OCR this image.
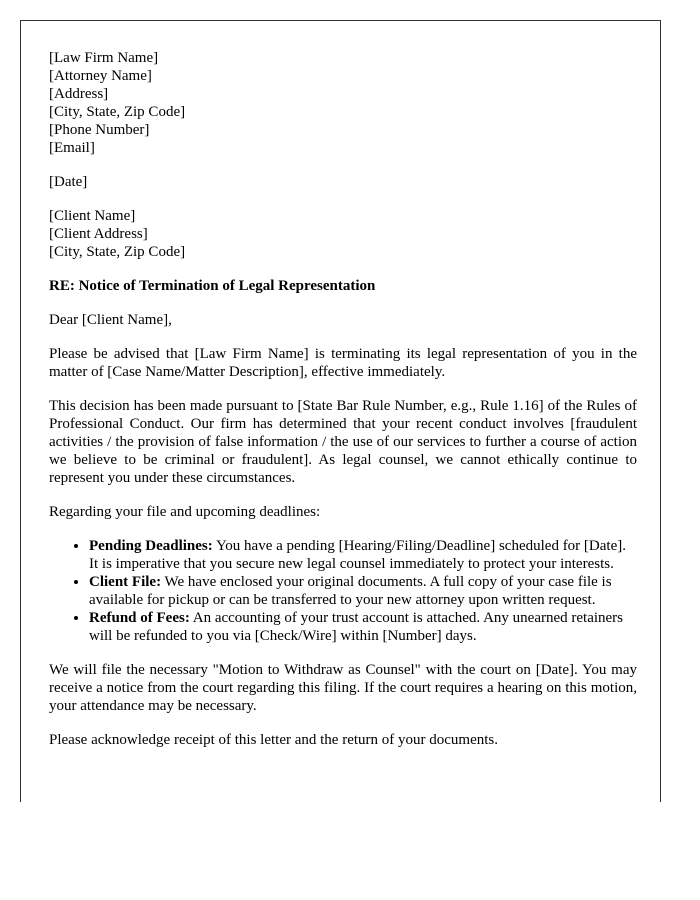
[Law Firm Name]
[Attorney Name]
[Address]
[City, State, Zip Code]
[Phone Number]
[Email]
[Date]
[Client Name]
[Client Address]
[City, State, Zip Code]
RE: Notice of Termination of Legal Representation
Dear [Client Name],

Please be advised that [Law Firm Name] is terminating its legal representation of you in the matter of [Case Name/Matter Description], effective immediately.

This decision has been made pursuant to [State Bar Rule Number, e.g., Rule 1.16] of the Rules of Professional Conduct. Our firm has determined that your recent conduct involves [fraudulent activities / the provision of false information / the use of our services to further a course of action we believe to be criminal or fraudulent]. As legal counsel, we cannot ethically continue to represent you under these circumstances.

Regarding your file and upcoming deadlines:

• Pending Deadlines: You have a pending [Hearing/Filing/Deadline] scheduled for [Date]. It is imperative that you secure new legal counsel immediately to protect your interests.
• Client File: We have enclosed your original documents. A full copy of your case file is available for pickup or can be transferred to your new attorney upon written request.
• Refund of Fees: An accounting of your trust account is attached. Any unearned retainers will be refunded to you via [Check/Wire] within [Number] days.

We will file the necessary "Motion to Withdraw as Counsel" with the court on [Date]. You may receive a notice from the court regarding this filing. If the court requires a hearing on this motion, your attendance may be necessary.

Please acknowledge receipt of this letter and the return of your documents.
